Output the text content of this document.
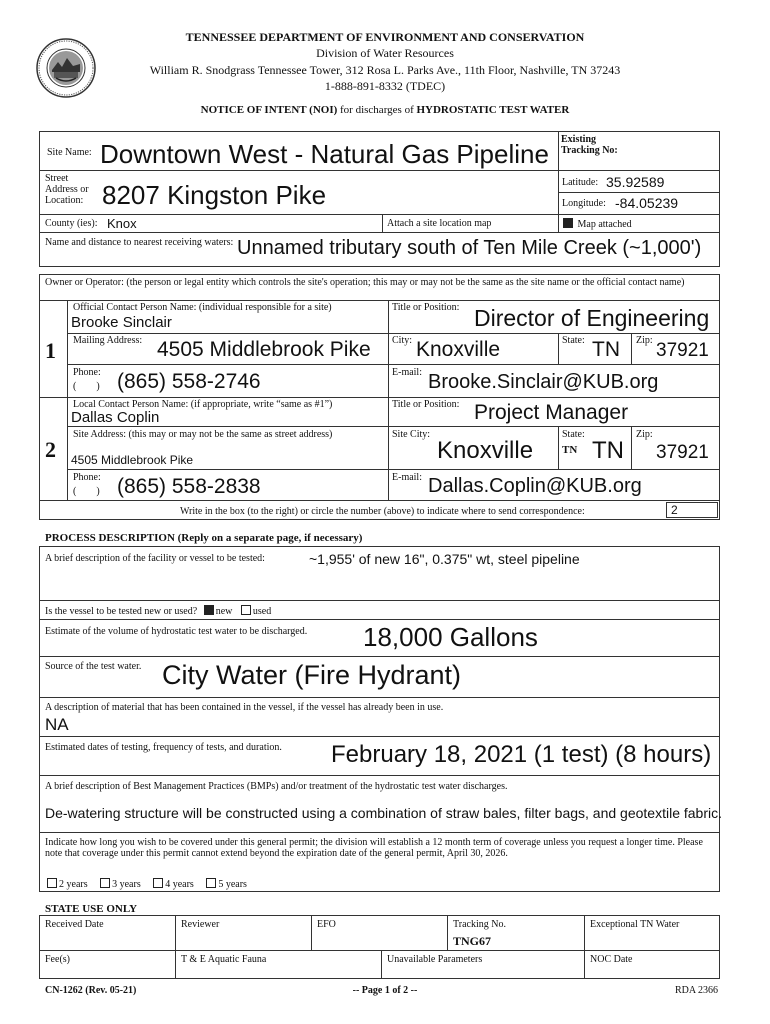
TENNESSEE DEPARTMENT OF ENVIRONMENT AND CONSERVATION
Division of Water Resources
William R. Snodgrass Tennessee Tower, 312 Rosa L. Parks Ave., 11th Floor, Nashville, TN 37243
1-888-891-8332 (TDEC)
NOTICE OF INTENT (NOI) for discharges of HYDROSTATIC TEST WATER
Site Name: Downtown West - Natural Gas Pipeline Existing Tracking No:
Street Address or Location: 8207 Kingston Pike	Latitude: 35.92589
Longitude: -84.05239
County (ies): Knox	Attach a site location map	Map attached
Name and distance to nearest receiving waters: Unnamed tributary south of Ten Mile Creek (~1,000')
Owner or Operator: (the person or legal entity which controls the site's operation; this may or may not be the same as the site name or the official contact name)
1
Official Contact Person Name: (individual responsible for a site)
Brooke Sinclair
Title or Position: Director of Engineering
Mailing Address: 4505 Middlebrook Pike City: Knoxville	State: TN Zip: 37921
Phone:
(        ) (865) 558-2746	E-mail: Brooke.Sinclair@KUB.org
2
Local Contact Person Name: (if appropriate, write “same as #1”)
Dallas Coplin
Title or Position: Project Manager
Site Address: (this may or may not be the same as street address)
4505 Middlebrook Pike
Site City:
Knoxville
State:
TN TN
Zip:
37921
Phone:
(        ) (865) 558-2838	E-mail: Dallas.Coplin@KUB.org
Write in the box (to the right) or circle the number (above) to indicate where to send correspondence:	2
PROCESS DESCRIPTION (Reply on a separate page, if necessary)
A brief description of the facility or vessel to be tested:	~1,955' of new 16", 0.375" wt, steel pipeline
Is the vessel to be tested new or used? new used
Estimate of the volume of hydrostatic test water to be discharged. 18,000 Gallons
Source of the test water. City Water (Fire Hydrant)
A description of material that has been contained in the vessel, if the vessel has already been in use.
NA
Estimated dates of testing, frequency of tests, and duration. February 18, 2021 (1 test) (8 hours)
A brief description of Best Management Practices (BMPs) and/or treatment of the hydrostatic test water discharges.
De-watering structure will be constructed using a combination of straw bales, filter bags, and geotextile fabric.
Indicate how long you wish to be covered under this general permit; the division will establish a 12 month term of coverage unless you request a longer time. Please note that coverage under this permit cannot extend beyond the expiration date of the general permit, April 30, 2026.
2 years 3 years 4 years 5 years
STATE USE ONLY
Received Date	Reviewer	EFO	Tracking No.
TNG67
Exceptional TN Water
Fee(s)	T & E Aquatic Fauna	Unavailable Parameters	NOC Date
CN-1262 (Rev. 05-21)	-- Page 1 of 2 --	RDA 2366
